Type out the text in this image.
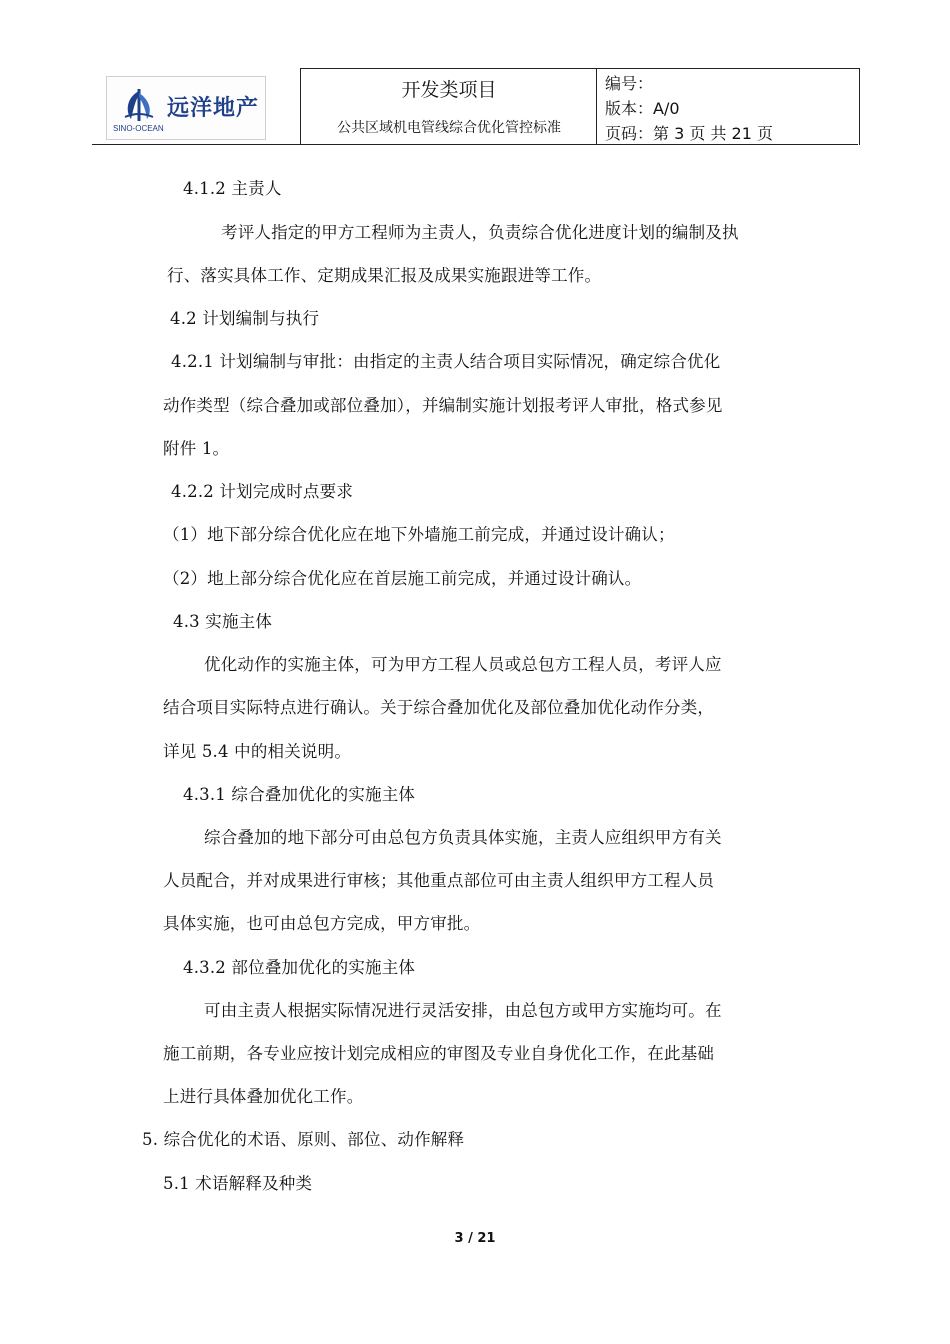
远洋地产
SINO-OCEAN
开发类项目
公共区域机电管线综合优化管控标准
编号：
版本：A/0
页码：第 3 页 共 21 页
4.1.2 主责人
考评人指定的甲方工程师为主责人，负责综合优化进度计划的编制及执
行、落实具体工作、定期成果汇报及成果实施跟进等工作。
4.2 计划编制与执行
4.2.1 计划编制与审批：由指定的主责人结合项目实际情况，确定综合优化
动作类型（综合叠加或部位叠加），并编制实施计划报考评人审批，格式参见
附件 1。
4.2.2 计划完成时点要求
（1）地下部分综合优化应在地下外墙施工前完成，并通过设计确认；
（2）地上部分综合优化应在首层施工前完成，并通过设计确认。
4.3 实施主体
优化动作的实施主体，可为甲方工程人员或总包方工程人员，考评人应
结合项目实际特点进行确认。关于综合叠加优化及部位叠加优化动作分类，
详见 5.4 中的相关说明。
4.3.1 综合叠加优化的实施主体
综合叠加的地下部分可由总包方负责具体实施，主责人应组织甲方有关
人员配合，并对成果进行审核；其他重点部位可由主责人组织甲方工程人员
具体实施，也可由总包方完成，甲方审批。
4.3.2 部位叠加优化的实施主体
可由主责人根据实际情况进行灵活安排，由总包方或甲方实施均可。在
施工前期，各专业应按计划完成相应的审图及专业自身优化工作，在此基础
上进行具体叠加优化工作。
5. 综合优化的术语、原则、部位、动作解释
5.1 术语解释及种类
3 / 21
